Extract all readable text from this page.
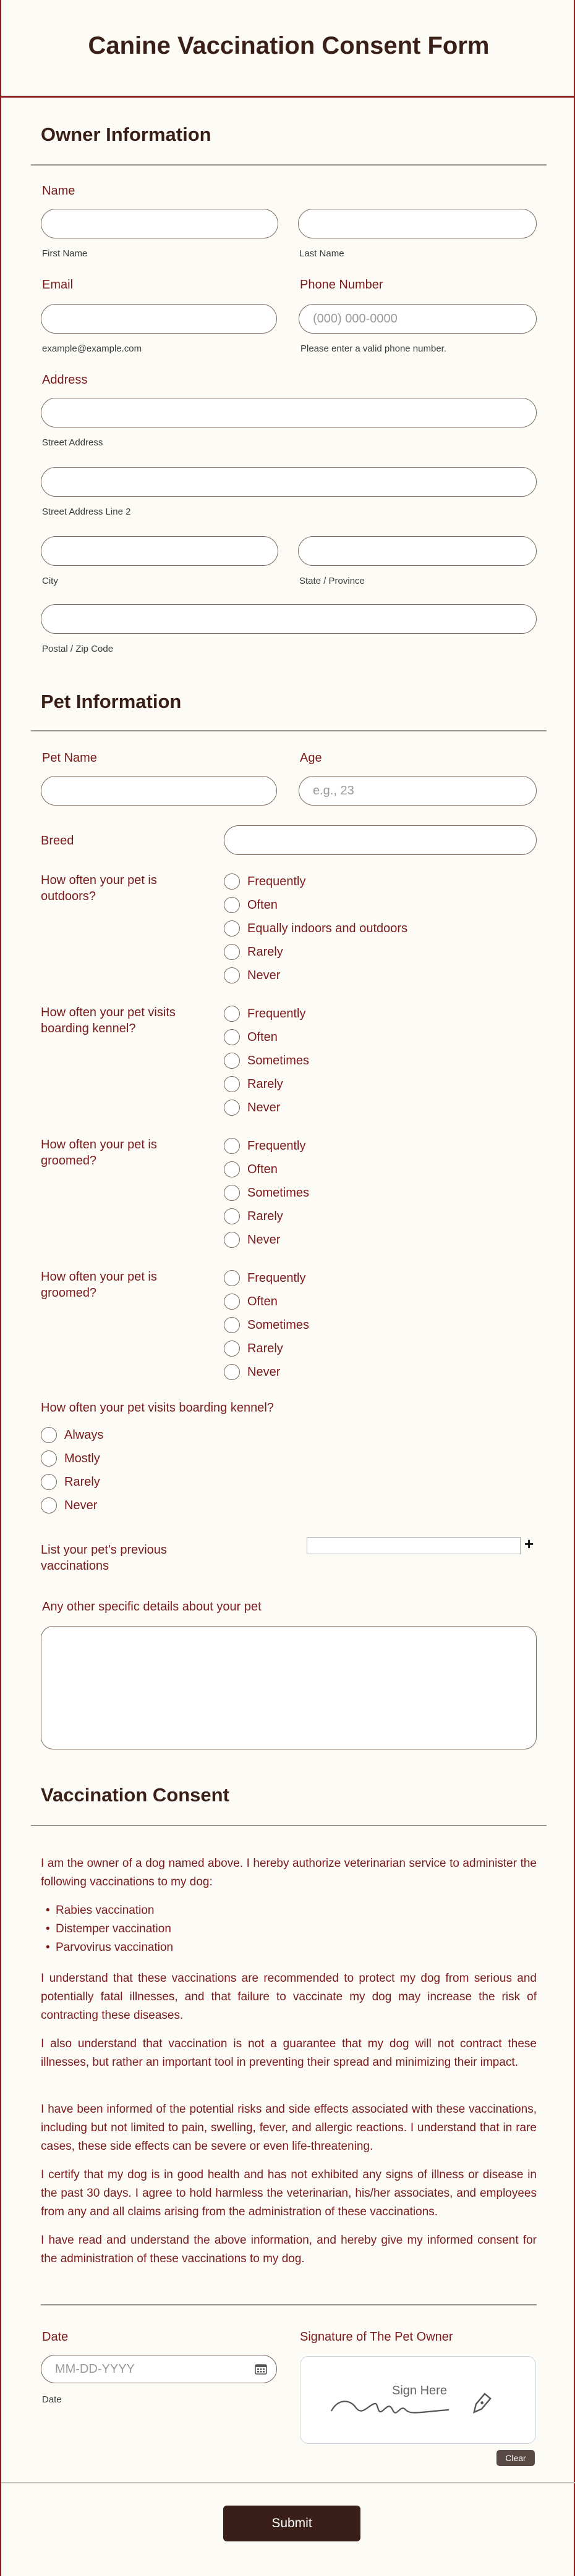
Canine Vaccination Consent Form
Owner Information
Name
First Name	Last Name
Email	Phone Number
(000) 000-0000
example@example.com	Please enter a valid phone number.
Address
Street Address
Street Address Line 2
City	State / Province
Postal / Zip Code
Pet Information
Pet Name	Age
e.g., 23
Breed
How often your pet is outdoors?
Frequently
Often
Equally indoors and outdoors
Rarely
Never
How often your pet visits boarding kennel?
Frequently
Often
Sometimes
Rarely
Never
How often your pet is groomed?
Frequently
Often
Sometimes
Rarely
Never
How often your pet is groomed?
Frequently
Often
Sometimes
Rarely
Never
How often your pet visits boarding kennel?
Always
Mostly
Rarely
Never
List your pet's previous vaccinations
+
Any other specific details about your pet
Vaccination Consent
I am the owner of a dog named above. I hereby authorize veterinarian service to administer the following vaccinations to my dog:
• Rabies vaccination
• Distemper vaccination
• Parvovirus vaccination
I understand that these vaccinations are recommended to protect my dog from serious and potentially fatal illnesses, and that failure to vaccinate my dog may increase the risk of contracting these diseases.
I also understand that vaccination is not a guarantee that my dog will not contract these illnesses, but rather an important tool in preventing their spread and minimizing their impact.
I have been informed of the potential risks and side effects associated with these vaccinations, including but not limited to pain, swelling, fever, and allergic reactions. I understand that in rare cases, these side effects can be severe or even life-threatening.
I certify that my dog is in good health and has not exhibited any signs of illness or disease in the past 30 days. I agree to hold harmless the veterinarian, his/her associates, and employees from any and all claims arising from the administration of these vaccinations.
I have read and understand the above information, and hereby give my informed consent for the administration of these vaccinations to my dog.
Date
MM-DD-YYYY
Date
Signature of The Pet Owner
Sign Here
Clear
Submit
